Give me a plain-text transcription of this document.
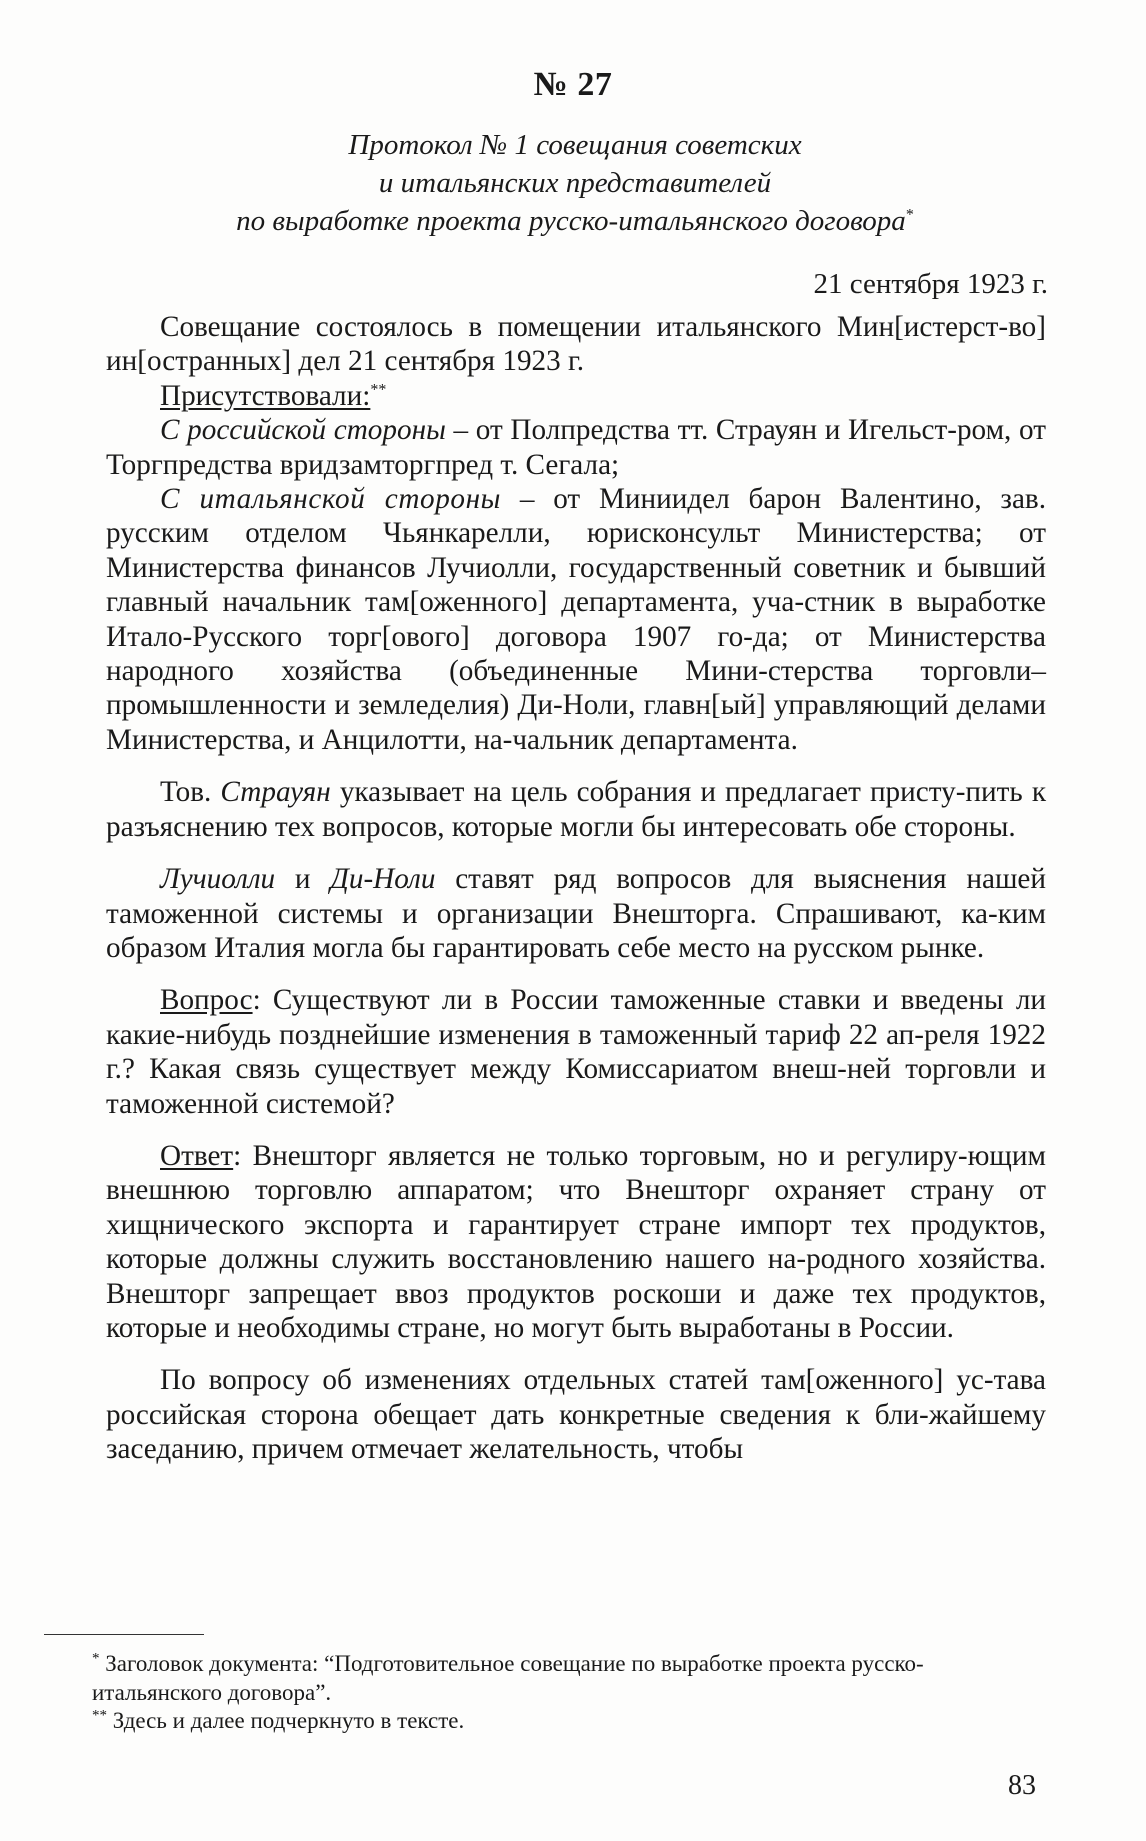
№ 27
Протокол № 1 совещания советских
и итальянских представителей
по выработке проекта русско-итальянского договора*
21 сентября 1923 г.

Совещание состоялось в помещении итальянского Мин[истерст-во] ин[остранных] дел 21 сентября 1923 г.

Присутствовали:**

С российской стороны – от Полпредства тт. Страуян и Игельст-ром, от Торгпредства вридзамторгпред т. Сегала;

С итальянской стороны – от Миниидел барон Валентино, зав. русским отделом Чьянкарелли, юрисконсульт Министерства; от Министерства финансов Лучиолли, государственный советник и бывший главный начальник там[оженного] департамента, уча-стник в выработке Итало-Русского торг[ового] договора 1907 го-да; от Министерства народного хозяйства (объединенные Мини-стерства торговли–промышленности и земледелия) Ди-Ноли, главн[ый] управляющий делами Министерства, и Анцилотти, на-чальник департамента.

Тов. Страуян указывает на цель собрания и предлагает присту-пить к разъяснению тех вопросов, которые могли бы интересовать обе стороны.

Лучиолли и Ди-Ноли ставят ряд вопросов для выяснения нашей таможенной системы и организации Внешторга. Спрашивают, ка-ким образом Италия могла бы гарантировать себе место на русском рынке.

Вопрос: Существуют ли в России таможенные ставки и введены ли какие-нибудь позднейшие изменения в таможенный тариф 22 ап-реля 1922 г.? Какая связь существует между Комиссариатом внеш-ней торговли и таможенной системой?

Ответ: Внешторг является не только торговым, но и регулиру-ющим внешнюю торговлю аппаратом; что Внешторг охраняет страну от хищнического экспорта и гарантирует стране импорт тех продуктов, которые должны служить восстановлению нашего на-родного хозяйства. Внешторг запрещает ввоз продуктов роскоши и даже тех продуктов, которые и необходимы стране, но могут быть выработаны в России.

По вопросу об изменениях отдельных статей там[оженного] ус-тава российская сторона обещает дать конкретные сведения к бли-жайшему заседанию, причем отмечает желательность, чтобы

* Заголовок документа: “Подготовительное совещание по выработке проекта русско-итальянского договора”.

** Здесь и далее подчеркнуто в тексте.

83
